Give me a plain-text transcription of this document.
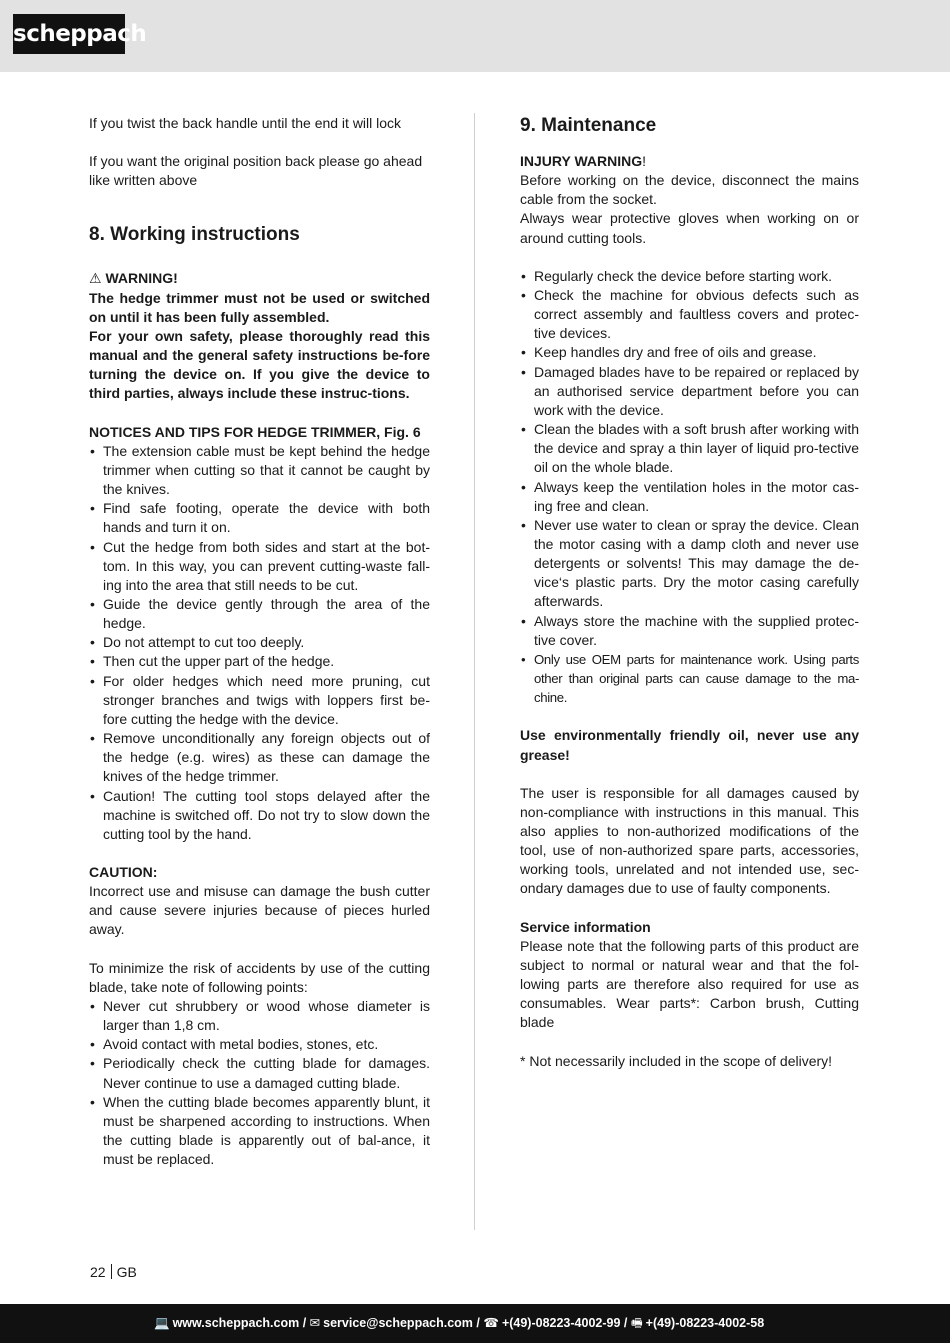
scheppach

If you twist the back handle until the end it will lock

If you want the original position back please go ahead like written above

8. Working instructions

⚠ WARNING!

The hedge trimmer must not be used or switched on until it has been fully assembled.

For your own safety, please thoroughly read this manual and the general safety instructions be-fore turning the device on. If you give the device to third parties, always include these instruc-tions.

NOTICES AND TIPS FOR HEDGE TRIMMER, Fig. 6

• The extension cable must be kept behind the hedge trimmer when cutting so that it cannot be caught by the knives.
• Find safe footing, operate the device with both hands and turn it on.
• Cut the hedge from both sides and start at the bot-tom. In this way, you can prevent cutting-waste fall-ing into the area that still needs to be cut.
• Guide the device gently through the area of the hedge.
• Do not attempt to cut too deeply.
• Then cut the upper part of the hedge.
• For older hedges which need more pruning, cut stronger branches and twigs with loppers first be-fore cutting the hedge with the device.
• Remove unconditionally any foreign objects out of the hedge (e.g. wires) as these can damage the knives of the hedge trimmer.
• Caution! The cutting tool stops delayed after the machine is switched off. Do not try to slow down the cutting tool by the hand.

CAUTION:

Incorrect use and misuse can damage the bush cutter and cause severe injuries because of pieces hurled away.

To minimize the risk of accidents by use of the cutting blade, take note of following points:

• Never cut shrubbery or wood whose diameter is larger than 1,8 cm.
• Avoid contact with metal bodies, stones, etc.
• Periodically check the cutting blade for damages. Never continue to use a damaged cutting blade.
• When the cutting blade becomes apparently blunt, it must be sharpened according to instructions. When the cutting blade is apparently out of bal-ance, it must be replaced.
9. Maintenance

INJURY WARNING!

Before working on the device, disconnect the mains cable from the socket.

Always wear protective gloves when working on or around cutting tools.

• Regularly check the device before starting work.
• Check the machine for obvious defects such as correct assembly and faultless covers and protec-tive devices.
• Keep handles dry and free of oils and grease.
• Damaged blades have to be repaired or replaced by an authorised service department before you can work with the device.
• Clean the blades with a soft brush after working with the device and spray a thin layer of liquid pro-tective oil on the whole blade.
• Always keep the ventilation holes in the motor cas-ing free and clean.
• Never use water to clean or spray the device. Clean the motor casing with a damp cloth and never use detergents or solvents! This may damage the de-vice‘s plastic parts. Dry the motor casing carefully afterwards.
• Always store the machine with the supplied protec-tive cover.
• Only use OEM parts for maintenance work. Using parts other than original parts can cause damage to the ma-chine.

Use environmentally friendly oil, never use any grease!

The user is responsible for all damages caused by non-compliance with instructions in this manual. This also applies to non-authorized modifications of the tool, use of non-authorized spare parts, accessories, working tools, unrelated and not intended use, sec-ondary damages due to use of faulty components.

Service information

Please note that the following parts of this product are subject to normal or natural wear and that the fol-lowing parts are therefore also required for use as consumables. Wear parts*: Carbon brush, Cutting blade

* Not necessarily included in the scope of delivery!

22 GB
💻 www.scheppach.com / ✉ service@scheppach.com / ☎ +(49)-08223-4002-99 / 🖷 +(49)-08223-4002-58
